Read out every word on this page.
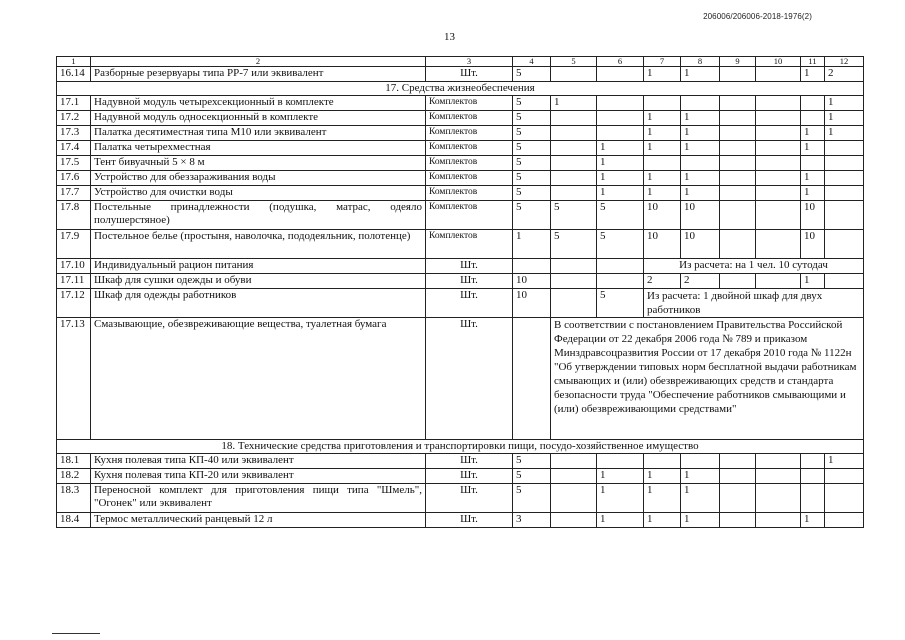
206006/206006-2018-1976(2)
13
1	2	3	4	5	6	7	8	9	10	11	12
16.14	Разборные резервуары типа РР-7 или эквивалент	Шт.	5			1	1			1	2
17. Средства жизнеобеспечения											
17.1	Надувной модуль четырехсекционный в комплекте	Комплектов	5	1							1
17.2	Надувной модуль односекционный в комплекте	Комплектов	5			1	1				1
17.3	Палатка десятиместная типа М10 или эквивалент	Комплектов	5			1	1			1	1
17.4	Палатка четырехместная	Комплектов	5		1	1	1			1	
17.5	Тент бивуачный 5 × 8 м	Комплектов	5		1						
17.6	Устройство для обеззараживания воды	Комплектов	5		1	1	1			1	
17.7	Устройство для очистки воды	Комплектов	5		1	1	1			1	
17.8	Постельные принадлежности (подушка, матрас, одеяло полушерстяное)	Комплектов	5	5	5	10	10			10	
17.9	Постельное белье (простыня, наволочка, пододеяльник, полотенце)	Комплектов	1	5	5	10	10			10	
17.10	Индивидуальный рацион питания	Шт.				Из расчета: на 1 чел. 10 сутодач					
17.11	Шкаф для сушки одежды и обуви	Шт.	10			2	2			1	
17.12	Шкаф для одежды работников	Шт.	10		5	Из расчета: 1 двойной шкаф для двух работников					
17.13	Смазывающие, обезвреживающие вещества, туалетная бумага	Шт.		В соответствии с постановлением Правительства Российской Федерации от 22 декабря 2006 года № 789 и приказом Минздравсоцразвития России от 17 декабря 2010 года № 1122н "Об утверждении типовых норм бесплатной выдачи работникам смывающих и (или) обезвреживающих средств и стандарта безопасности труда "Обеспечение работников смывающими и (или) обезвреживающими средствами"							
18. Технические средства приготовления и транспортировки пищи, посудо-хозяйственное имущество											
18.1	Кухня полевая типа КП-40 или эквивалент	Шт.	5								1
18.2	Кухня полевая типа КП-20 или эквивалент	Шт.	5		1	1	1				
18.3	Переносной комплект для приготовления пищи типа "Шмель", "Огонек" или эквивалент	Шт.	5		1	1	1				
18.4	Термос металлический ранцевый 12 л	Шт.	3		1	1	1			1	
